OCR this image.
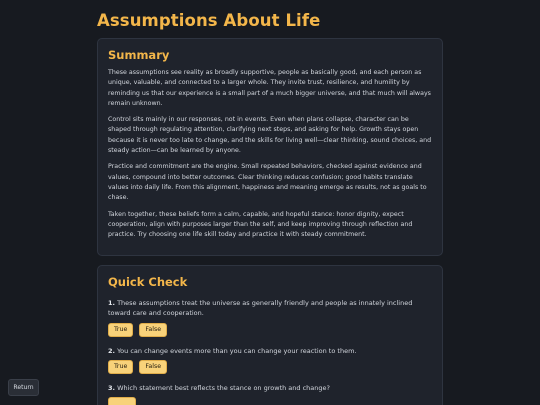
Assumptions About Life
Summary

These assumptions see reality as broadly supportive, people as basically good, and each person as unique, valuable, and connected to a larger whole. They invite trust, resilience, and humility by reminding us that our experience is a small part of a much bigger universe, and that much will always remain unknown.

Control sits mainly in our responses, not in events. Even when plans collapse, character can be shaped through regulating attention, clarifying next steps, and asking for help. Growth stays open because it is never too late to change, and the skills for living well—clear thinking, sound choices, and steady action—can be learned by anyone.

Practice and commitment are the engine. Small repeated behaviors, checked against evidence and values, compound into better outcomes. Clear thinking reduces confusion; good habits translate values into daily life. From this alignment, happiness and meaning emerge as results, not as goals to chase.

Taken together, these beliefs form a calm, capable, and hopeful stance: honor dignity, expect cooperation, align with purposes larger than the self, and keep improving through reflection and practice. Try choosing one life skill today and practice it with steady commitment.

Quick Check

1. These assumptions treat the universe as generally friendly and people as innately inclined toward care and cooperation.

True	False

2. You can change events more than you can change your reaction to them.

True	False

3. Which statement best reflects the stance on growth and change?

Return
